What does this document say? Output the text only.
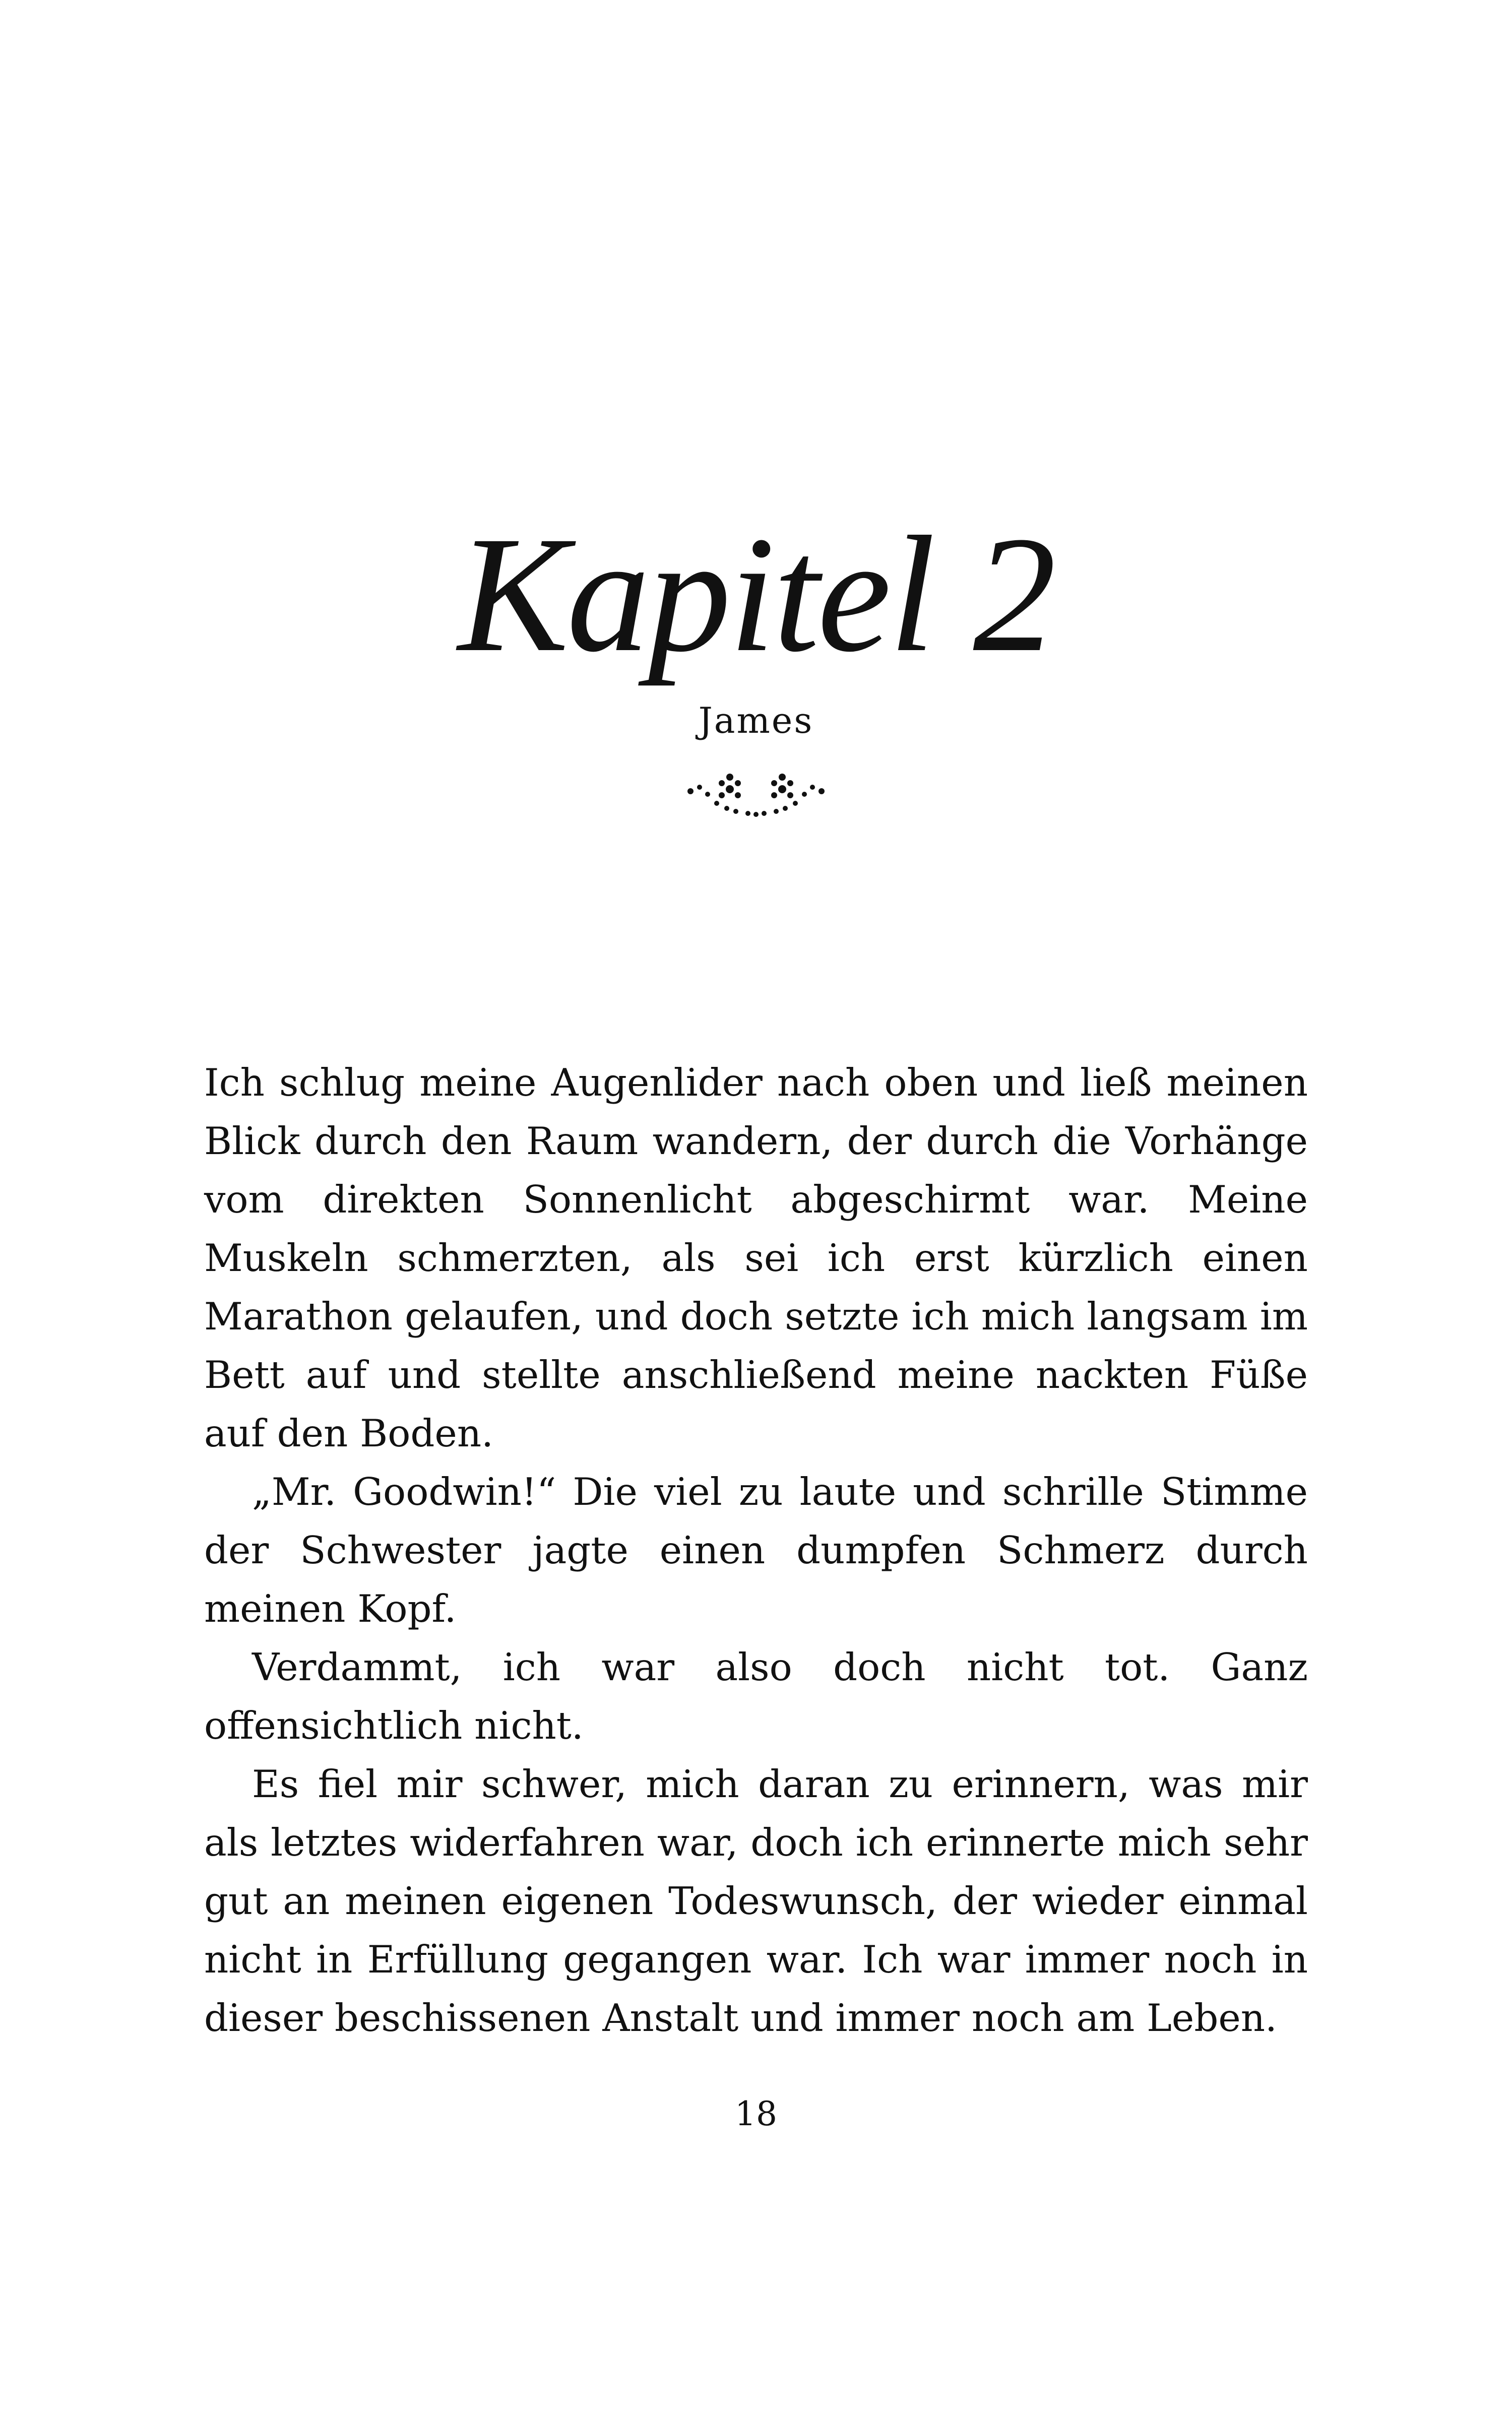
Kapitel 2
James

Ich schlug meine Augenlider nach oben und ließ meinen Blick durch den Raum wandern, der durch die Vorhänge vom direkten Sonnenlicht abgeschirmt war. Meine Muskeln schmerzten, als sei ich erst kürzlich einen Marathon gelaufen, und doch setzte ich mich langsam im Bett auf und stellte anschließend meine nackten Füße auf den Boden.

„Mr. Goodwin!“ Die viel zu laute und schrille Stimme der Schwester jagte einen dumpfen Schmerz durch meinen Kopf.

Verdammt, ich war also doch nicht tot. Ganz offensichtlich nicht.

Es fiel mir schwer, mich daran zu erinnern, was mir als letztes widerfahren war, doch ich erinnerte mich sehr gut an meinen eigenen Todeswunsch, der wieder einmal nicht in Erfüllung gegangen war. Ich war immer noch in dieser beschissenen Anstalt und immer noch am Leben.

18
